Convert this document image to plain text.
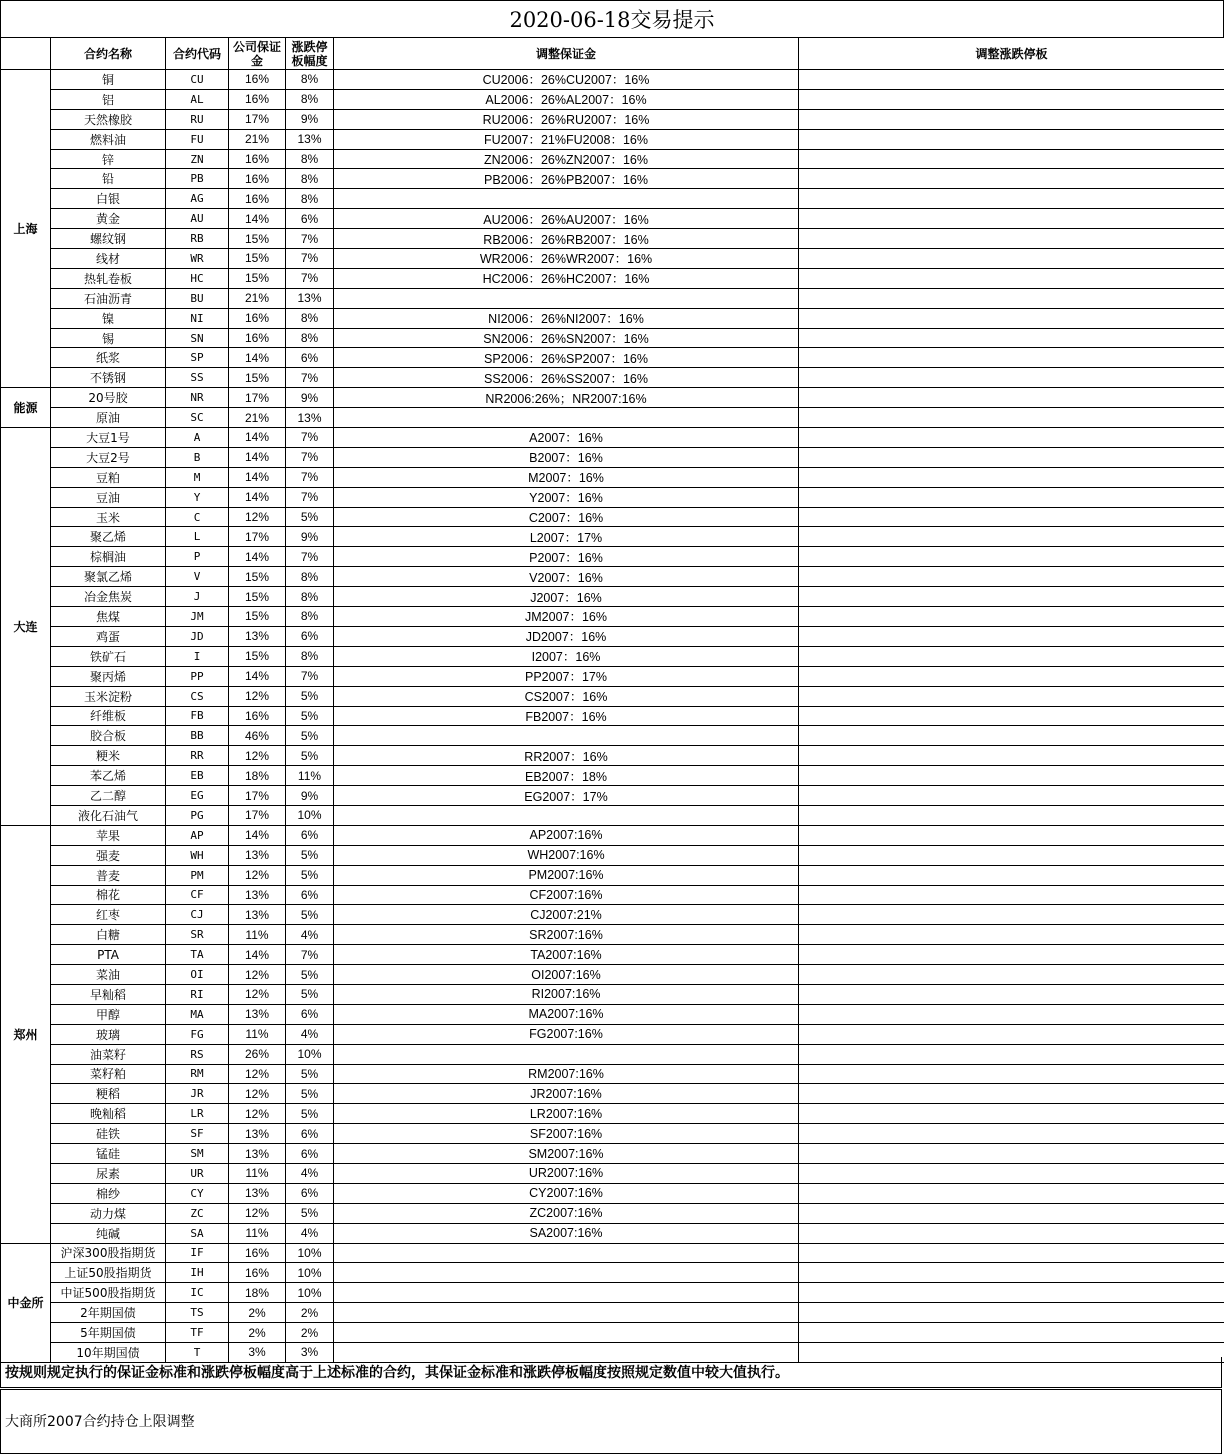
2020-06-18交易提示
	合约名称	合约代码	公司保证金	涨跌停板幅度	调整保证金	调整涨跌停板
上海	铜	CU	16%	8%	CU2006：26%CU2007：16%	
	铝	AL	16%	8%	AL2006：26%AL2007：16%	
	天然橡胶	RU	17%	9%	RU2006：26%RU2007：16%	
	燃料油	FU	21%	13%	FU2007：21%FU2008：16%	
	锌	ZN	16%	8%	ZN2006：26%ZN2007：16%	
	铅	PB	16%	8%	PB2006：26%PB2007：16%	
	白银	AG	16%	8%		
	黄金	AU	14%	6%	AU2006：26%AU2007：16%	
	螺纹钢	RB	15%	7%	RB2006：26%RB2007：16%	
	线材	WR	15%	7%	WR2006：26%WR2007：16%	
	热轧卷板	HC	15%	7%	HC2006：26%HC2007：16%	
	石油沥青	BU	21%	13%		
	镍	NI	16%	8%	NI2006：26%NI2007：16%	
	锡	SN	16%	8%	SN2006：26%SN2007：16%	
	纸浆	SP	14%	6%	SP2006：26%SP2007：16%	
	不锈钢	SS	15%	7%	SS2006：26%SS2007：16%	
能源	20号胶	NR	17%	9%	NR2006:26%；NR2007:16%	
	原油	SC	21%	13%		
大连	大豆1号	A	14%	7%	A2007：16%	
	大豆2号	B	14%	7%	B2007：16%	
	豆粕	M	14%	7%	M2007：16%	
	豆油	Y	14%	7%	Y2007：16%	
	玉米	C	12%	5%	C2007：16%	
	聚乙烯	L	17%	9%	L2007：17%	
	棕榈油	P	14%	7%	P2007：16%	
	聚氯乙烯	V	15%	8%	V2007：16%	
	冶金焦炭	J	15%	8%	J2007：16%	
	焦煤	JM	15%	8%	JM2007：16%	
	鸡蛋	JD	13%	6%	JD2007：16%	
	铁矿石	I	15%	8%	I2007：16%	
	聚丙烯	PP	14%	7%	PP2007：17%	
	玉米淀粉	CS	12%	5%	CS2007：16%	
	纤维板	FB	16%	5%	FB2007：16%	
	胶合板	BB	46%	5%		
	粳米	RR	12%	5%	RR2007：16%	
	苯乙烯	EB	18%	11%	EB2007：18%	
	乙二醇	EG	17%	9%	EG2007：17%	
	液化石油气	PG	17%	10%		
郑州	苹果	AP	14%	6%	AP2007:16%	
	强麦	WH	13%	5%	WH2007:16%	
	普麦	PM	12%	5%	PM2007:16%	
	棉花	CF	13%	6%	CF2007:16%	
	红枣	CJ	13%	5%	CJ2007:21%	
	白糖	SR	11%	4%	SR2007:16%	
	PTA	TA	14%	7%	TA2007:16%	
	菜油	OI	12%	5%	OI2007:16%	
	早籼稻	RI	12%	5%	RI2007:16%	
	甲醇	MA	13%	6%	MA2007:16%	
	玻璃	FG	11%	4%	FG2007:16%	
	油菜籽	RS	26%	10%		
	菜籽粕	RM	12%	5%	RM2007:16%	
	粳稻	JR	12%	5%	JR2007:16%	
	晚籼稻	LR	12%	5%	LR2007:16%	
	硅铁	SF	13%	6%	SF2007:16%	
	锰硅	SM	13%	6%	SM2007:16%	
	尿素	UR	11%	4%	UR2007:16%	
	棉纱	CY	13%	6%	CY2007:16%	
	动力煤	ZC	12%	5%	ZC2007:16%	
	纯碱	SA	11%	4%	SA2007:16%	
中金所	沪深300股指期货	IF	16%	10%		
	上证50股指期货	IH	16%	10%		
	中证500股指期货	IC	18%	10%		
	2年期国债	TS	2%	2%		
	5年期国债	TF	2%	2%		
	10年期国债	T	3%	3%		
按规则规定执行的保证金标准和涨跌停板幅度高于上述标准的合约，其保证金标准和涨跌停板幅度按照规定数值中较大值执行。
大商所2007合约持仓上限调整
